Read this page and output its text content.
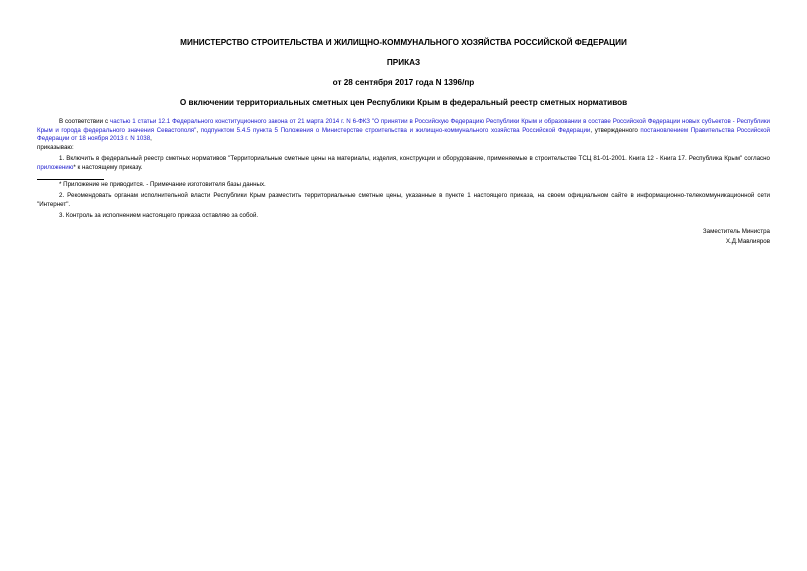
МИНИСТЕРСТВО СТРОИТЕЛЬСТВА И ЖИЛИЩНО-КОММУНАЛЬНОГО ХОЗЯЙСТВА РОССИЙСКОЙ ФЕДЕРАЦИИ
ПРИКАЗ
от 28 сентября 2017 года N 1396/пр
О включении территориальных сметных цен Республики Крым в федеральный реестр сметных нормативов

В соответствии с частью 1 статьи 12.1 Федерального конституционного закона от 21 марта 2014 г. N 6-ФКЗ "О принятии в Российскую Федерацию Республики Крым и образовании в составе Российской Федерации новых субъектов - Республики Крым и города федерального значения Севастополя", подпунктом 5.4.5 пункта 5 Положения о Министерстве строительства и жилищно-коммунального хозяйства Российской Федерации, утвержденного постановлением Правительства Российской Федерации от 18 ноября 2013 г. N 1038,

приказываю:

1. Включить в федеральный реестр сметных нормативов "Территориальные сметные цены на материалы, изделия, конструкции и оборудование, применяемые в строительстве ТСЦ 81-01-2001. Книга 12 - Книга 17. Республика Крым" согласно приложению* к настоящему приказу.

* Приложение не приводится. - Примечание изготовителя базы данных.

2. Рекомендовать органам исполнительной власти Республики Крым разместить территориальные сметные цены, указанные в пункте 1 настоящего приказа, на своем официальном сайте в информационно-телекоммуникационной сети "Интернет".

3. Контроль за исполнением настоящего приказа оставляю за собой.

Заместитель Министра
Х.Д.Мавлияров
